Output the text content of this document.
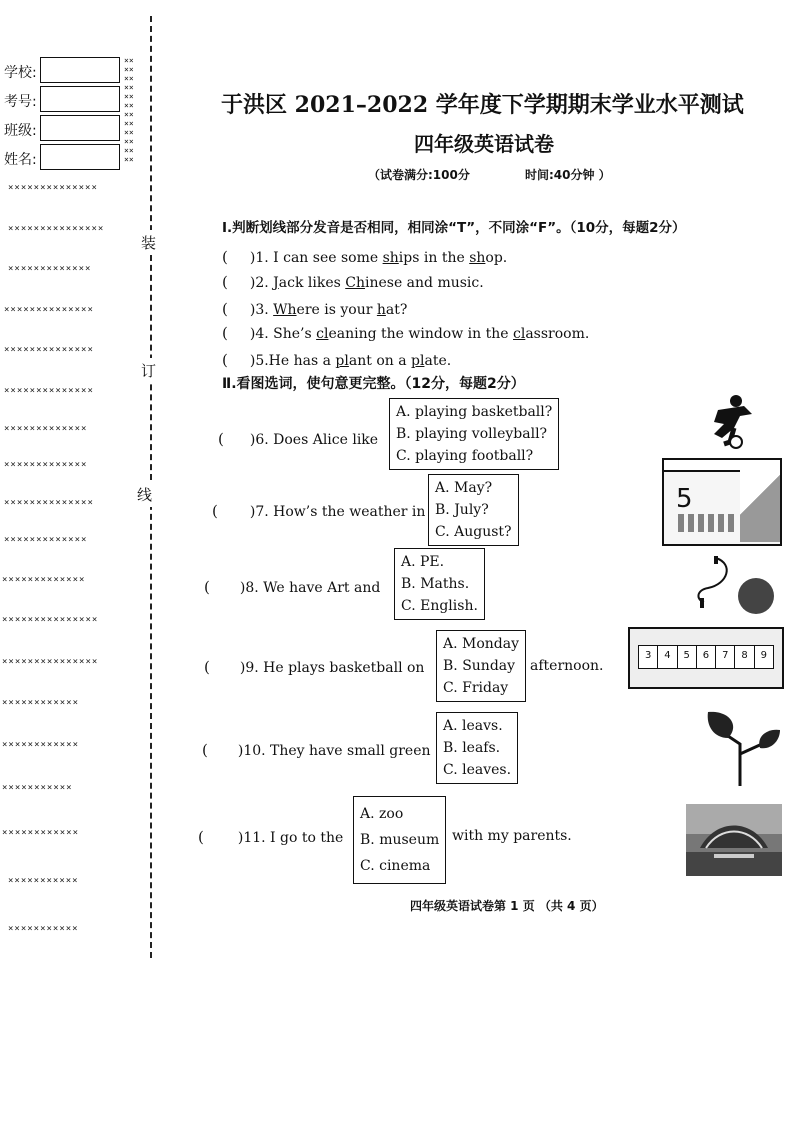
学校:
考号:
班级:
姓名:
××
××
××
××
××
××
××
××
××
××
××
××
××××××××××××××
×××××××××××××××
×××××××××××××
××××××××××××××
××××××××××××××
××××××××××××××
×××××××××××××
×××××××××××××
××××××××××××××
×××××××××××××
×××××××××××××
×××××××××××××××
×××××××××××××××
××××××××××××
××××××××××××
×××××××××××
××××××××××××
×××××××××××
×××××××××××
装
订
线
于洪区 2021–2022 学年度下学期期末学业水平测试
四年级英语试卷
（试卷满分:100分	时间:40分钟 ）
Ⅰ.判断划线部分发音是否相同，相同涂“T”，不同涂“F”。（10分，每题2分）
( )1. I can see some ships in the shop.
( )2. Jack likes Chinese and music.
( )3. Where is your hat?
( )4. She’s cleaning the window in the classroom.
( )5.He has a plant on a plate.
Ⅱ.看图选词，使句意更完整。（12分，每题2分）
( )6. Does Alice like
A. playing basketball?
B. playing volleyball?
C. playing football?
( )7. How’s the weather in
A. May?
B. July?
C. August?
5
( )8. We have Art and
A. PE.
B. Maths.
C. English.
( )9. He plays basketball on
A. Monday
B. Sunday
C. Friday
afternoon.
3	4	5	6	7	8	9
( )10. They have small green
A. leavs.
B. leafs.
C. leaves.
( )11. I go to the
A. zoo
B. museum
C. cinema
with my parents.
四年级英语试卷第 1 页 （共 4 页）
